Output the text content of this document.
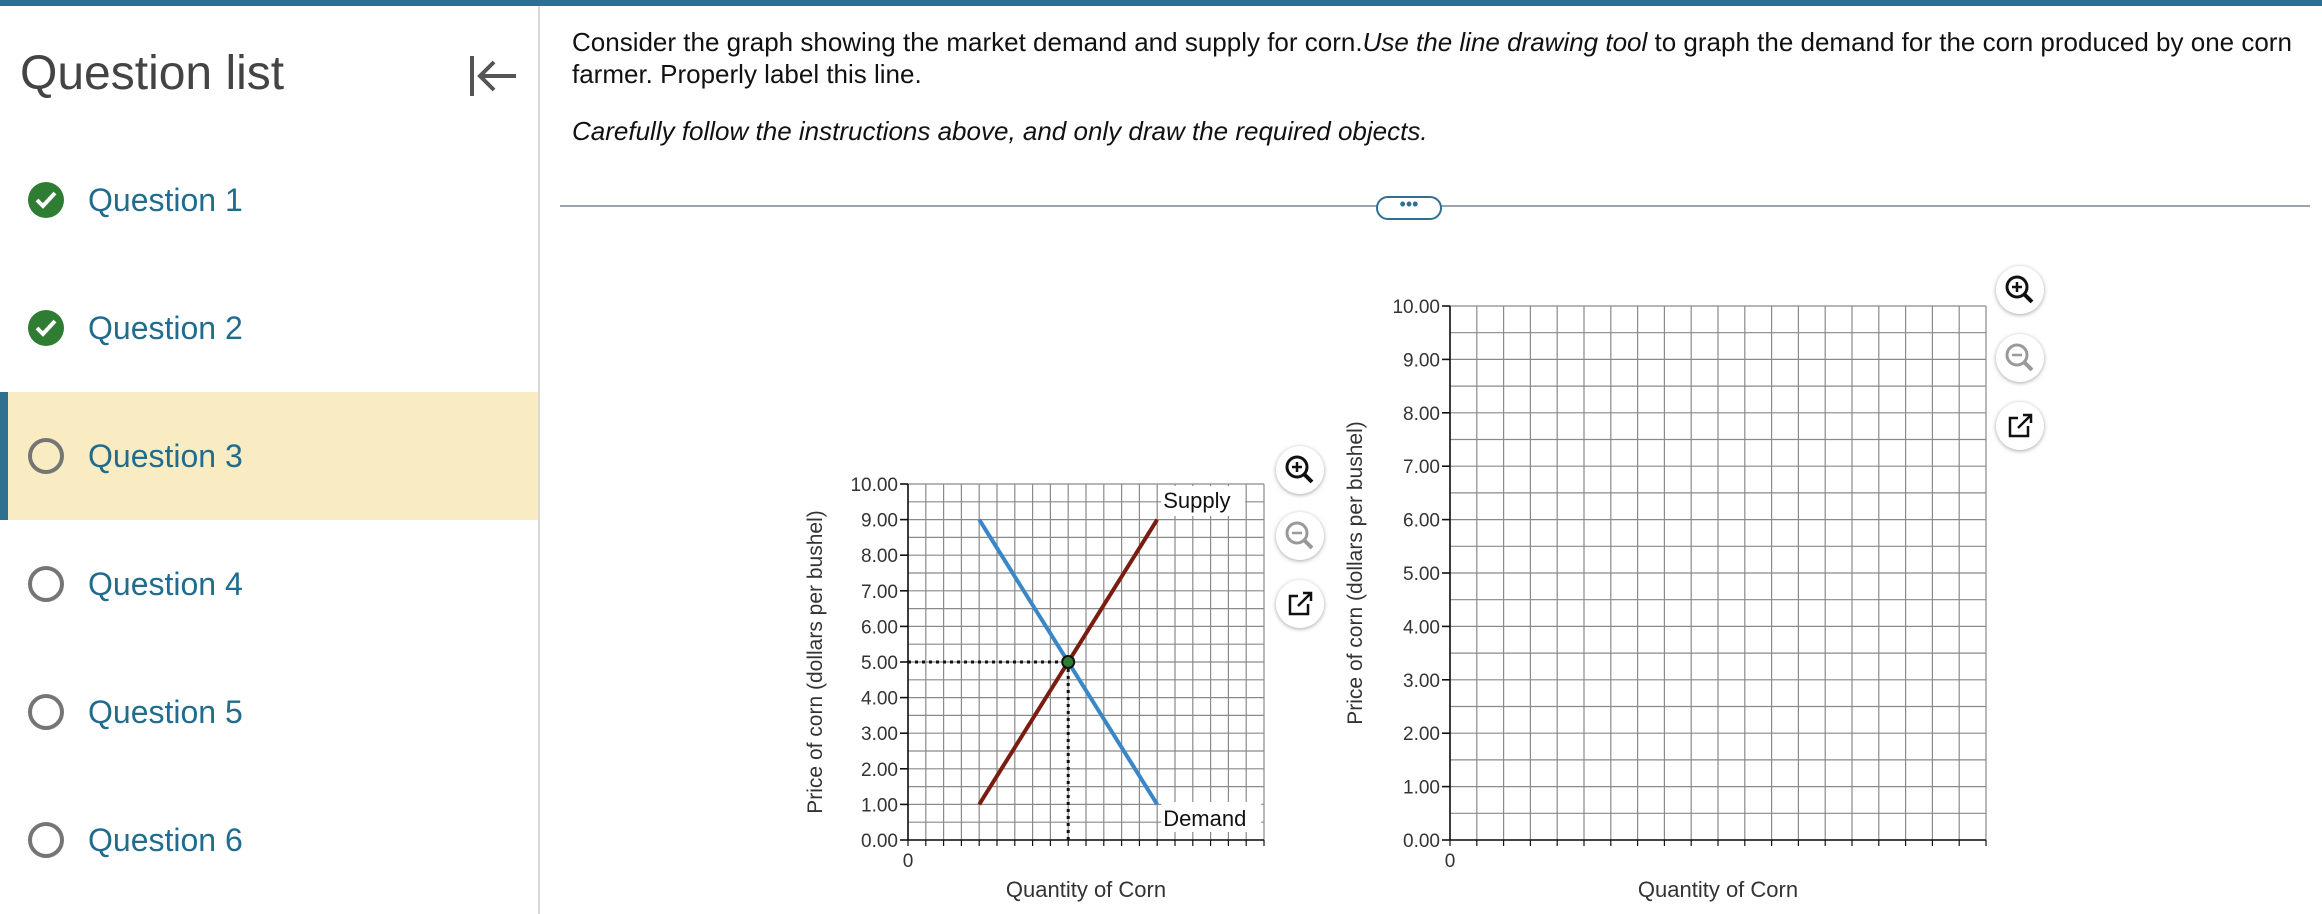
Question list
Question 1
Question 2
Question 3
Question 4
Question 5
Question 6
Consider the graph showing the market demand and supply for corn.Use the line drawing tool to graph the demand for the corn produced by one corn farmer. Properly label this line.
Carefully follow the instructions above, and only draw the required objects.
•••
0.00
1.00
2.00
3.00
4.00
5.00
6.00
7.00
8.00
9.00
10.00
0
Quantity of Corn
Price of corn (dollars per bushel)
Supply
Demand
0.00
1.00
2.00
3.00
4.00
5.00
6.00
7.00
8.00
9.00
10.00
0
Quantity of Corn
Price of corn (dollars per bushel)
